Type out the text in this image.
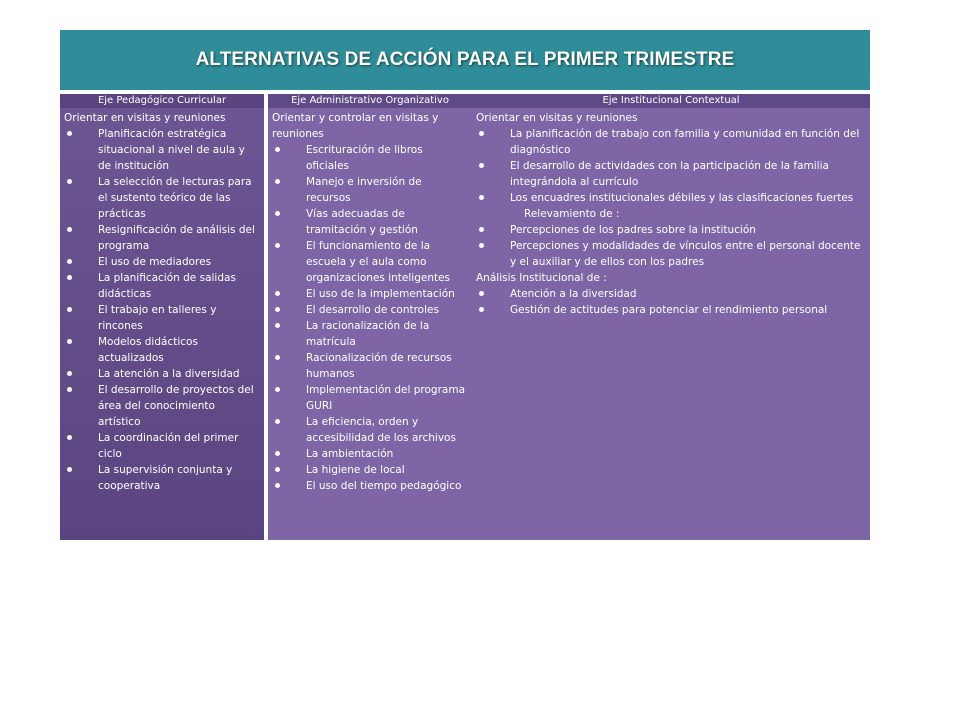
ALTERNATIVAS DE ACCIÓN PARA EL PRIMER TRIMESTRE
Eje Pedagógico Curricular

Orientar en visitas y reuniones

Planificación estratégica situacional a nivel de aula y de institución
La selección de lecturas para el sustento teórico de las prácticas
Resignificación de análisis del programa
El uso de mediadores
La planificación de salidas didácticas
El trabajo en talleres y rincones
Modelos didácticos actualizados
La atención a la diversidad
El desarrollo de proyectos del área del conocimiento artístico
La coordinación del primer ciclo
La supervisión conjunta y cooperativa
Eje Administrativo Organizativo

Orientar y controlar en visitas y reuniones

Escrituración de libros oficiales
Manejo e inversión de recursos
Vías adecuadas de tramitación y gestión
El funcionamiento de la escuela y el aula como organizaciones inteligentes
El uso de la implementación
El desarrollo de controles
La racionalización de la matrícula
Racionalización de recursos humanos
Implementación del programa GURI
La eficiencia, orden y accesibilidad de los archivos
La ambientación
La higiene de local
El uso del tiempo pedagógico
Eje Institucional Contextual

Orientar en visitas y reuniones

La planificación de trabajo con familia y comunidad en función del diagnóstico
El desarrollo de actividades con la participación de la familia integrándola al currículo
Los encuadres institucionales débiles y las clasificaciones fuertes

Relevamiento de :

Percepciones de los padres sobre la institución
Percepciones y modalidades de vínculos entre el personal docente y el auxiliar y de ellos con los padres

Análisis Institucional de :

Atención a la diversidad
Gestión de actitudes para potenciar el rendimiento personal
